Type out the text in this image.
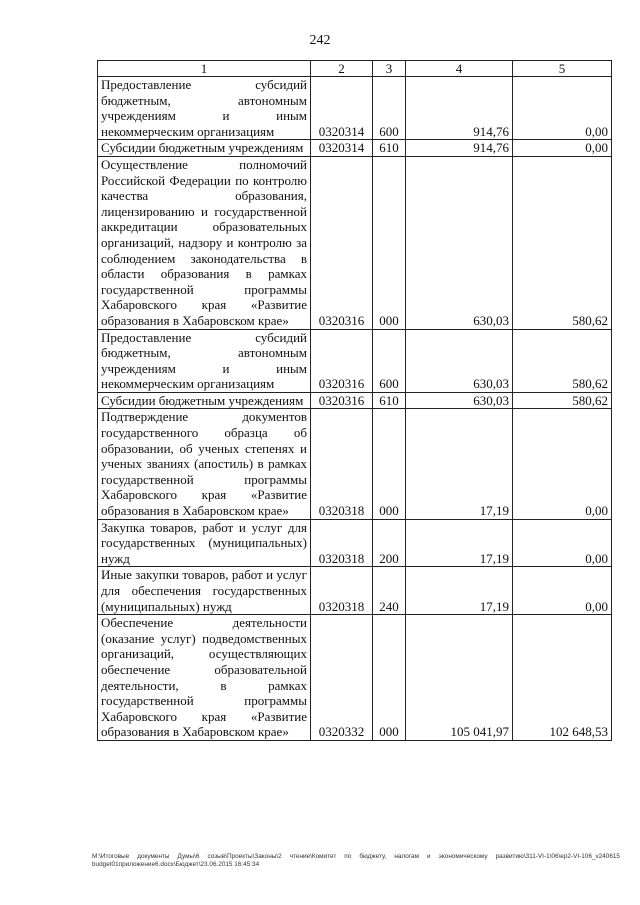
242
1	2	3	4	5
Предоставление субсидий бюджетным, автономным учреждениям и иным некоммерческим организациям	0320314	600	914,76	0,00
Субсидии бюджетным учреждениям	0320314	610	914,76	0,00
Осуществление полномочий Российской Федерации по контролю качества образования, лицензированию и государственной аккредитации образовательных организаций, надзору и контролю за соблюдением законодательства в области образования в рамках государственной программы Хабаровского края «Развитие образования в Хабаровском крае»	0320316	000	630,03	580,62
Предоставление субсидий бюджетным, автономным учреждениям и иным некоммерческим организациям	0320316	600	630,03	580,62
Субсидии бюджетным учреждениям	0320316	610	630,03	580,62
Подтверждение документов государственного образца об образовании, об ученых степенях и ученых званиях (апостиль) в рамках государственной программы Хабаровского края «Развитие образования в Хабаровском крае»	0320318	000	17,19	0,00
Закупка товаров, работ и услуг для государственных (муниципальных) нужд	0320318	200	17,19	0,00
Иные закупки товаров, работ и услуг для обеспечения государственных (муниципальных) нужд	0320318	240	17,19	0,00
Обеспечение деятельности (оказание услуг) подведомственных организаций, осуществляющих обеспечение образовательной деятельности, в рамках государственной программы Хабаровского края «Развитие образования в Хабаровском крае»	0320332	000	105 041,97	102 648,53
M:\Итоговые документы Думы\6 созыв\Проекты\Законы\2 чтение\Комитет по бюджету, налогам и экономическому развитию\311-VI-1\06\ep2-VI-106_v240615 budget01приложение6.docx\Бюджет\23.06.2015 16:45:34
